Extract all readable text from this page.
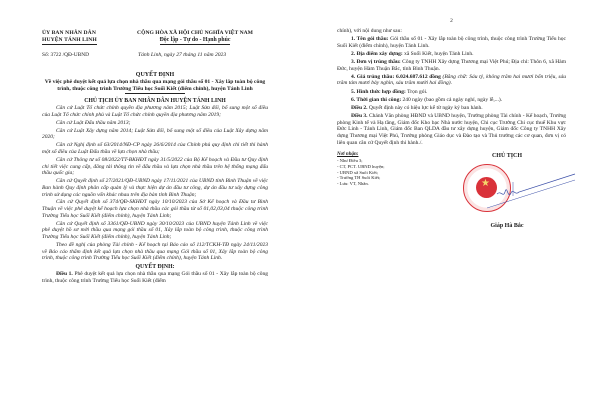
ỦY BAN NHÂN DÂN
HUYỆN TÁNH LINH
CỘNG HÒA XÃ HỘI CHỦ NGHĨA VIỆT NAM
Độc lập - Tự do - Hạnh phúc
Số: 3722 /QĐ-UBND	Tánh Linh, ngày 27 tháng 11 năm 2023
QUYẾT ĐỊNH
Về việc phê duyệt kết quả lựa chọn nhà thầu qua mạng gói thầu số 01 - Xây lắp toàn bộ công trình, thuộc công trình Trường Tiểu học Suối Kiết (điểm chỉnh), huyện Tánh Linh
CHỦ TỊCH ỦY BAN NHÂN DÂN HUYỆN TÁNH LINH

Căn cứ Luật Tổ chức chính quyền địa phương năm 2015; Luật Sửa đổi, bổ sung một số điều của Luật Tổ chức chính phủ và Luật Tổ chức chính quyền địa phương năm 2019;

Căn cứ Luật Đấu thầu năm 2013;

Căn cứ Luật Xây dựng năm 2014; Luật Sửa đổi, bổ sung một số điều của Luật Xây dựng năm 2020;

Căn cứ Nghị định số 63/2014/NĐ-CP ngày 26/6/2014 của Chính phủ quy định chi tiết thi hành một số điều của Luật Đấu thầu về lựa chọn nhà thầu;

Căn cứ Thông tư số 08/2022/TT-BKHĐT ngày 31/5/2022 của Bộ Kế hoạch và Đầu tư Quy định chi tiết việc cung cấp, đăng tải thông tin về đấu thầu và lựa chọn nhà thầu trên hệ thống mạng đấu thầu quốc gia;

Căn cứ Quyết định số 27/2021/QĐ-UBND ngày 17/11/2021 của UBND tỉnh Bình Thuận về việc Ban hành Quy định phân cấp quản lý và thực hiện dự án đầu tư công, dự án đầu tư xây dựng công trình sử dụng các nguồn vốn khác nhau trên địa bàn tỉnh Bình Thuận;

Căn cứ Quyết định số 374/QĐ-SKHĐT ngày 10/10/2023 của Sở Kế hoạch và Đầu tư Bình Thuận về việc phê duyệt kế hoạch lựa chọn nhà thầu các gói thầu từ số 01,02,03,04 thuộc công trình Trường Tiểu học Suối Kiết (điểm chính), huyện Tánh Linh;

Căn cứ Quyết định số 3361/QĐ-UBND ngày 30/10/2023 của UBND huyện Tánh Linh về việc phê duyệt hồ sơ mời thầu qua mạng gói thầu số 01, Xây lắp toàn bộ công trình, thuộc công trình Trường Tiểu học Suối Kiết (điểm chính), huyện Tánh Linh;

Theo đề nghị của phòng Tài chính - Kế hoạch tại Báo cáo số 112/TCKH-TĐ ngày 24/11/2023 về Báo cáo thẩm định kết quả lựa chọn nhà thầu qua mạng Gói thầu số 01, Xây lắp toàn bộ công trình, thuộc công trình Trường Tiểu học Suối Kiết (điểm chính), huyện Tánh Linh.

QUYẾT ĐỊNH:

Điều 1. Phê duyệt kết quả lựa chọn nhà thầu qua mạng Gói thầu số 01 - Xây lắp toàn bộ công trình, thuộc công trình Trường Tiểu học Suối Kiết (điểm

2

chính), với nội dung như sau:

1. Tên gói thầu: Gói thầu số 01 - Xây lắp toàn bộ công trình, thuộc công trình Trường Tiểu học Suối Kiết (điểm chính), huyện Tánh Linh.

2. Địa điểm xây dựng: xã Suối Kiết, huyện Tánh Linh.

3. Đơn vị trúng thầu: Công ty TNHH Xây dựng Thương mại Việt Phú; Địa chỉ: Thôn 6, xã Hàm Đức, huyện Hàm Thuận Bắc, tỉnh Bình Thuận.

4. Giá trúng thầu: 6.024.687.612 đồng (Bằng chữ: Sáu tỷ, không trăm hai mươi bốn triệu, sáu trăm tám mươi bảy nghìn, sáu trăm mười hai đồng).

5. Hình thức hợp đồng: Trọn gói.

6. Thời gian thi công: 240 ngày (bao gồm cả ngày nghỉ, ngày lễ,...).

Điều 2. Quyết định này có hiệu lực kể từ ngày ký ban hành.

Điều 3. Chánh Văn phòng HĐND và UBND huyện, Trưởng phòng Tài chính - Kế hoạch, Trưởng phòng Kinh tế và Hạ tầng, Giám đốc Kho bạc Nhà nước huyện, Chi cục Trưởng Chi cục thuế Khu vực Đức Linh - Tánh Linh, Giám đốc Ban QLDA đầu tư xây dựng huyện, Giám đốc Công ty TNHH Xây dựng Thương mại Việt Phú, Trưởng phòng Giáo dục và Đào tạo và Thủ trưởng các cơ quan, đơn vị có liên quan căn cứ Quyết định thi hành./.

Nơi nhận:
- Như Điều 3;
- CT, PCT. UBND huyện;
- UBND xã Suối Kiết;
- Trường TH Suối Kiết;
- Lưu: VT, Nhân.
CHỦ TỊCH
★
Giáp Hà Bắc
